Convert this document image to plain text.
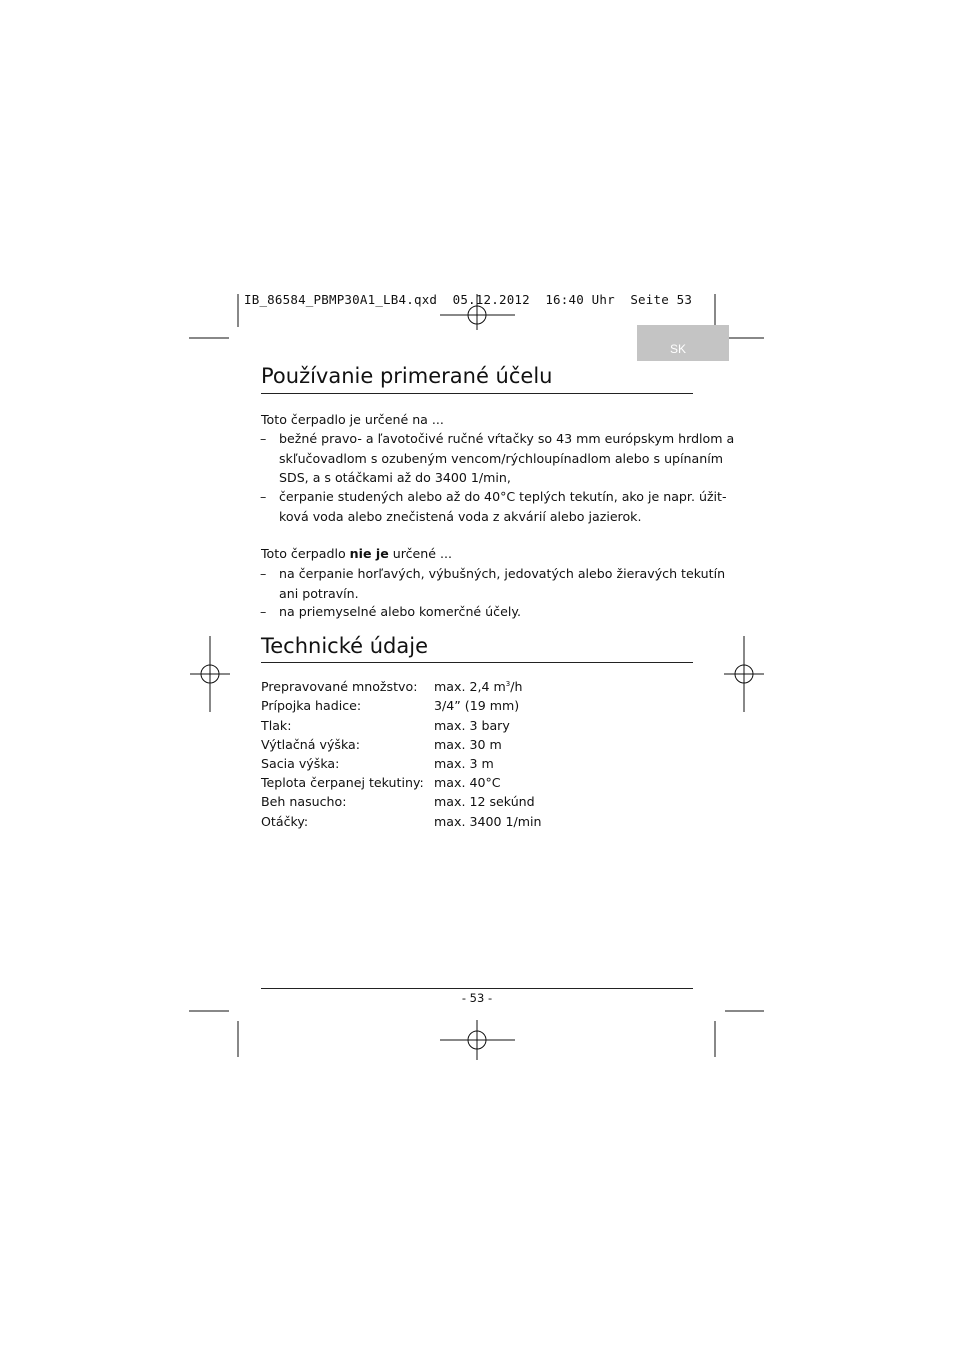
IB_86584_PBMP30A1_LB4.qxd 05.12.2012 16:40 Uhr Seite 53
SK
Používanie primerané účelu
Toto čerpadlo je určené na ...
– bežné pravo- a ľavotočivé ručné vŕtačky so 43 mm európskym hrdlom a
skľučovadlom s ozubeným vencom/rýchloupínadlom alebo s upínaním
SDS, a s otáčkami až do 3400 1/min,
– čerpanie studených alebo až do 40°C teplých tekutín, ako je napr. úžit-
ková voda alebo znečistená voda z akvárií alebo jazierok.
Toto čerpadlo nie je určené ...
– na čerpanie horľavých, výbušných, jedovatých alebo žieravých tekutín
ani potravín.
– na priemyselné alebo komerčné účely.
Technické údaje
Prepravované množstvo: max. 2,4 $m^3/h$
Prípojka hadice:	3/4” (19 mm)
Tlak:	max. 3 bary
Výtlačná výška:	max. 30 m
Sacia výška:	max. 3 m
Teplota čerpanej tekutiny: max. 40°C
Beh nasucho:	max. 12 sekúnd
Otáčky:	max. 3400 1/min
- 53 -
